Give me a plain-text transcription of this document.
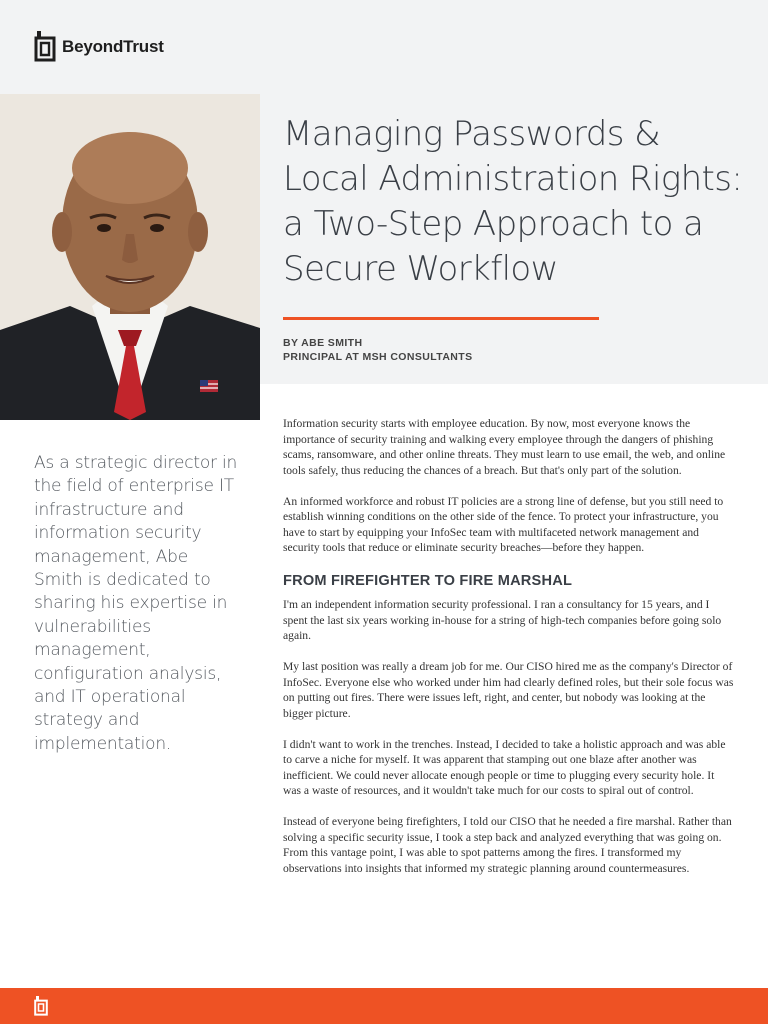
BeyondTrust
Managing Passwords &
Local Administration Rights:
a Two-Step Approach to a
Secure Workflow
BY ABE SMITH
PRINCIPAL AT MSH CONSULTANTS

As a strategic director in the field of enterprise IT infrastructure and information security management, Abe Smith is dedicated to sharing his expertise in vulnerabilities management, configuration analysis, and IT operational strategy and implementation.

Information security starts with employee education. By now, most everyone knows the importance of security training and walking every employee through the dangers of phishing scams, ransomware, and other online threats. They must learn to use email, the web, and online tools safely, thus reducing the chances of a breach. But that's only part of the solution.

An informed workforce and robust IT policies are a strong line of defense, but you still need to establish winning conditions on the other side of the fence. To protect your infrastructure, you have to start by equipping your InfoSec team with multifaceted network management and security tools that reduce or eliminate security breaches—before they happen.

FROM FIREFIGHTER TO FIRE MARSHAL

I'm an independent information security professional. I ran a consultancy for 15 years, and I spent the last six years working in-house for a string of high-tech companies before going solo again.

My last position was really a dream job for me. Our CISO hired me as the company's Director of InfoSec. Everyone else who worked under him had clearly defined roles, but their sole focus was on putting out fires. There were issues left, right, and center, but nobody was looking at the bigger picture.

I didn't want to work in the trenches. Instead, I decided to take a holistic approach and was able to carve a niche for myself. It was apparent that stamping out one blaze after another was inefficient. We could never allocate enough people or time to plugging every security hole. It was a waste of resources, and it wouldn't take much for our costs to spiral out of control.

Instead of everyone being firefighters, I told our CISO that he needed a fire marshal. Rather than solving a specific security issue, I took a step back and analyzed everything that was going on. From this vantage point, I was able to spot patterns among the fires. I transformed my observations into insights that informed my strategic planning around countermeasures.
